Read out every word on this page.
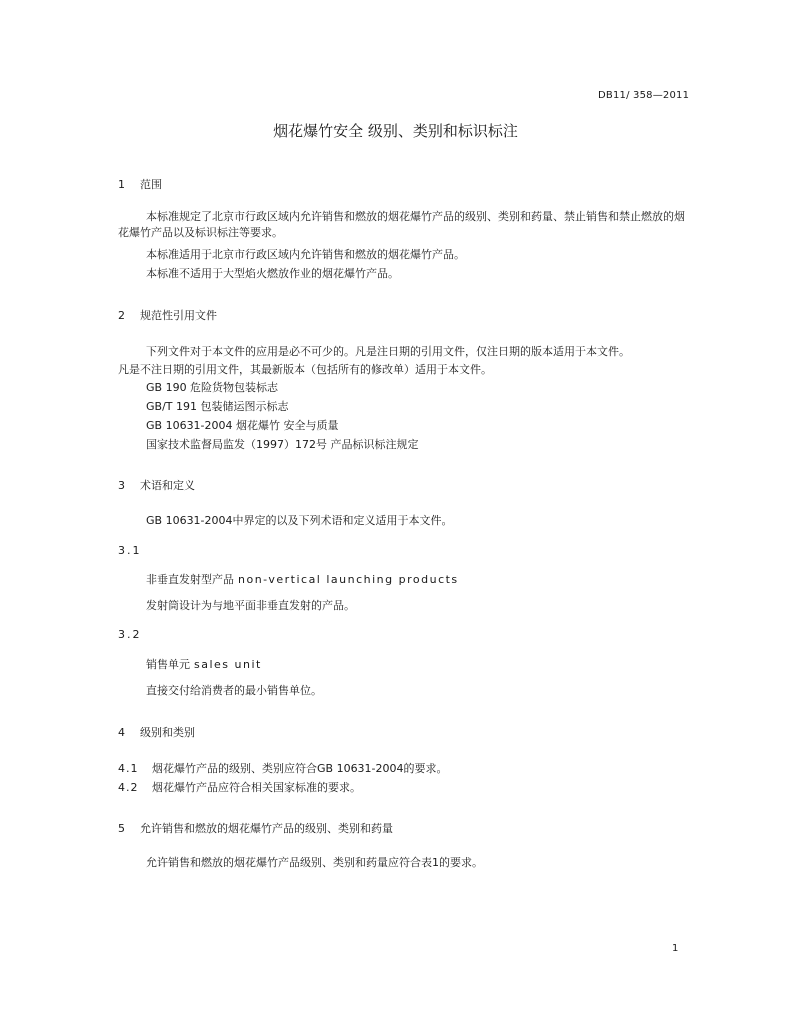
DB11/ 358—2011
烟花爆竹安全 级别、类别和标识标注
1 范围
本标准规定了北京市行政区域内允许销售和燃放的烟花爆竹产品的级别、类别和药量、禁止销售和禁止燃放的烟花爆竹产品以及标识标注等要求。
本标准适用于北京市行政区域内允许销售和燃放的烟花爆竹产品。
本标准不适用于大型焰火燃放作业的烟花爆竹产品。
2 规范性引用文件
下列文件对于本文件的应用是必不可少的。凡是注日期的引用文件，仅注日期的版本适用于本文件。
凡是不注日期的引用文件，其最新版本（包括所有的修改单）适用于本文件。
GB 190 危险货物包装标志
GB/T 191 包装储运图示标志
GB 10631-2004 烟花爆竹 安全与质量
国家技术监督局监发（1997）172号 产品标识标注规定
3 术语和定义
GB 10631-2004中界定的以及下列术语和定义适用于本文件。
3.1
非垂直发射型产品 non-vertical launching products
发射筒设计为与地平面非垂直发射的产品。
3.2
销售单元 sales unit
直接交付给消费者的最小销售单位。
4 级别和类别
4.1 烟花爆竹产品的级别、类别应符合GB 10631-2004的要求。
4.2 烟花爆竹产品应符合相关国家标准的要求。
5 允许销售和燃放的烟花爆竹产品的级别、类别和药量
允许销售和燃放的烟花爆竹产品级别、类别和药量应符合表1的要求。
1
